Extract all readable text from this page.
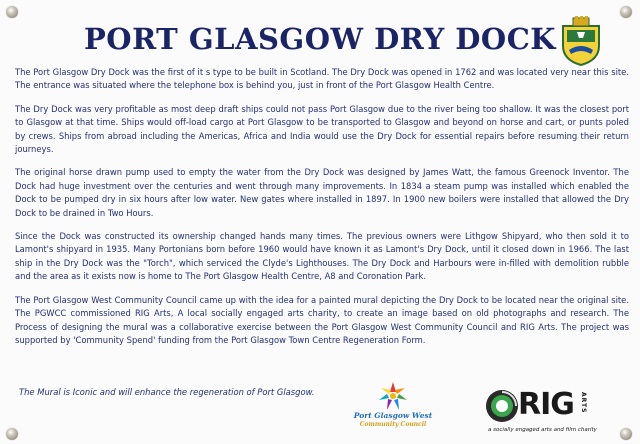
PORT GLASGOW DRY DOCK

The Port Glasgow Dry Dock was the first of it s type to be built in Scotland. The Dry Dock was opened in 1762 and was located very near this site. The entrance was situated where the telephone box is behind you, just in front of the Port Glasgow Health Centre.

The Dry Dock was very profitable as most deep draft ships could not pass Port Glasgow due to the river being too shallow. It was the closest port to Glasgow at that time. Ships would off-load cargo at Port Glasgow to be transported to Glasgow and beyond on horse and cart, or punts poled by crews. Ships from abroad including the Americas, Africa and India would use the Dry Dock for essential repairs before resuming their return journeys.

The original horse drawn pump used to empty the water from the Dry Dock was designed by James Watt, the famous Greenock Inventor. The Dock had huge investment over the centuries and went through many improvements. In 1834 a steam pump was installed which enabled the Dock to be pumped dry in six hours after low water. New gates where installed in 1897. In 1900 new boilers were installed that allowed the Dry Dock to be drained in Two Hours.

Since the Dock was constructed its ownership changed hands many times. The previous owners were Lithgow Shipyard, who then sold it to Lamont's shipyard in 1935. Many Portonians born before 1960 would have known it as Lamont's Dry Dock, until it closed down in 1966. The last ship in the Dry Dock was the "Torch", which serviced the Clyde's Lighthouses. The Dry Dock and Harbours were in-filled with demolition rubble and the area as it exists now is home to The Port Glasgow Health Centre, A8 and Coronation Park.

The Port Glasgow West Community Council came up with the idea for a painted mural depicting the Dry Dock to be located near the original site. The PGWCC commissioned RIG Arts, A local socially engaged arts charity, to create an image based on old photographs and research. The Process of designing the mural was a collaborative exercise between the Port Glasgow West Community Council and RIG Arts. The project was supported by 'Community Spend' funding from the Port Glasgow Town Centre Regeneration Form.

The Mural is Iconic and will enhance the regeneration of Port Glasgow.
Port Glasgow West
Community Council
RIG ARTS
a socially engaged arts and film charity
